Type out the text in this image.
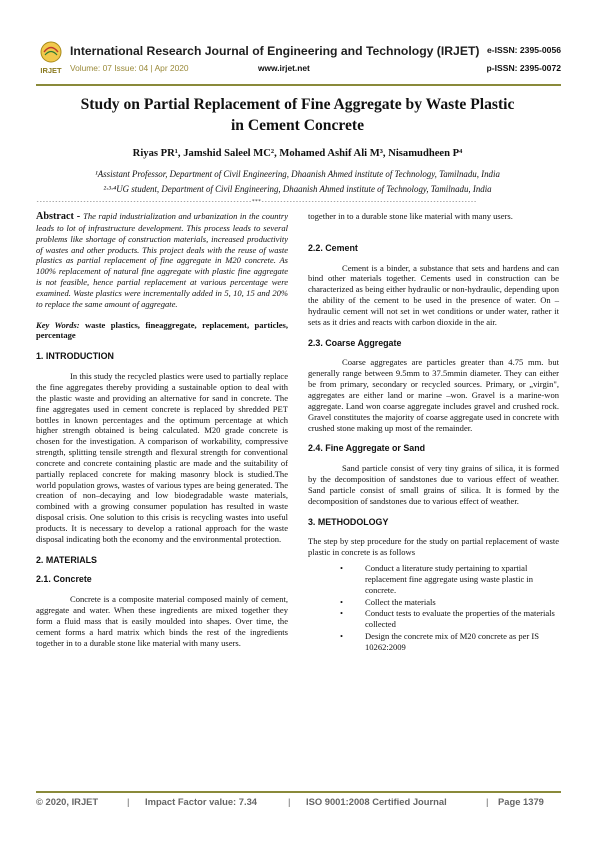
IRJET
International Research Journal of Engineering and Technology (IRJET)
Volume: 07 Issue: 04 | Apr 2020	www.irjet.net
e-ISSN: 2395-0056
p-ISSN: 2395-0072
Study on Partial Replacement of Fine Aggregate by Waste Plastic
in Cement Concrete
Riyas PR¹, Jamshid Saleel MC², Mohamed Ashif Ali M³, Nisamudheen P⁴
¹Assistant Professor, Department of Civil Engineering, Dhaanish Ahmed institute of Technology, Tamilnadu, India
²·³·⁴UG student, Department of Civil Engineering, Dhaanish Ahmed institute of Technology, Tamilnadu, India
---------------------------------------------------------------------***---------------------------------------------------------------------

Abstract - The rapid industrialization and urbanization in the country leads to lot of infrastructure development. This process leads to several problems like shortage of construction materials, increased productivity of wastes and other products. This project deals with the reuse of waste plastics as partial replacement of fine aggregate in M20 concrete. As 100% replacement of natural fine aggregate with plastic fine aggregate is not feasible, hence partial replacement at various percentage were examined. Waste plastics were incrementally added in 5, 10, 15 and 20% to replace the same amount of aggregate.

Key Words: waste plastics, fineaggregate, replacement, particles, percentage

1. INTRODUCTION

In this study the recycled plastics were used to partially replace the fine aggregates thereby providing a sustainable option to deal with the plastic waste and providing an alternative for sand in concrete. The fine aggregates used in cement concrete is replaced by shredded PET bottles in known percentages and the optimum percentage at which higher strength obtained is being calculated. M20 grade concrete is chosen for the investigation. A comparison of workability, compressive strength, splitting tensile strength and flexural strength for conventional concrete and concrete containing plastic are made and the suitability of partially replaced concrete for making masonry block is studied.The world population grows, wastes of various types are being generated. The creation of non–decaying and low biodegradable waste materials, combined with a growing consumer population has resulted in waste disposal crisis. One solution to this crisis is recycling wastes into useful products. It is necessary to develop a rational approach for the waste disposal indicating both the economy and the environmental protection.

2. MATERIALS
2.1. Concrete

Concrete is a composite material composed mainly of cement, aggregate and water. When these ingredients are mixed together they form a fluid mass that is easily moulded into shapes. Over time, the cement forms a hard matrix which binds the rest of the ingredients together in to a durable stone like material with many users.

together in to a durable stone like material with many users.

2.2. Cement

Cement is a binder, a substance that sets and hardens and can bind other materials together. Cements used in construction can be characterized as being either hydraulic or non-hydraulic, depending upon the ability of the cement to be used in the presence of water. On –hydraulic cement will not set in wet conditions or under water, rather it sets as it dries and reacts with carbon dioxide in the air.

2.3. Coarse Aggregate

Coarse aggregates are particles greater than 4.75 mm. but generally range between 9.5mm to 37.5mmin diameter. They can either be from primary, secondary or recycled sources. Primary, or „virgin", aggregates are either land or marine –won. Gravel is a marine-won aggregate. Land won coarse aggregate includes gravel and crushed rock. Gravel constitutes the majority of coarse aggregate used in concrete with crushed stone making up most of the remainder.

2.4. Fine Aggregate or Sand

Sand particle consist of very tiny grains of silica, it is formed by the decomposition of sandstones due to various effect of weather. Sand particle consist of small grains of silica. It is formed by the decomposition of sandstones due to various effect of weather.

3. METHODOLOGY

The step by step procedure for the study on partial replacement of waste plastic in concrete is as follows

• Conduct a literature study pertaining to xpartial replacement fine aggregate using waste plastic in concrete.
• Collect the materials
• Conduct tests to evaluate the properties of the materials collected
• Design the concrete mix of M20 concrete as per IS 10262:2009
© 2020, IRJET	| Impact Factor value: 7.34	| ISO 9001:2008 Certified Journal	| Page 1379
